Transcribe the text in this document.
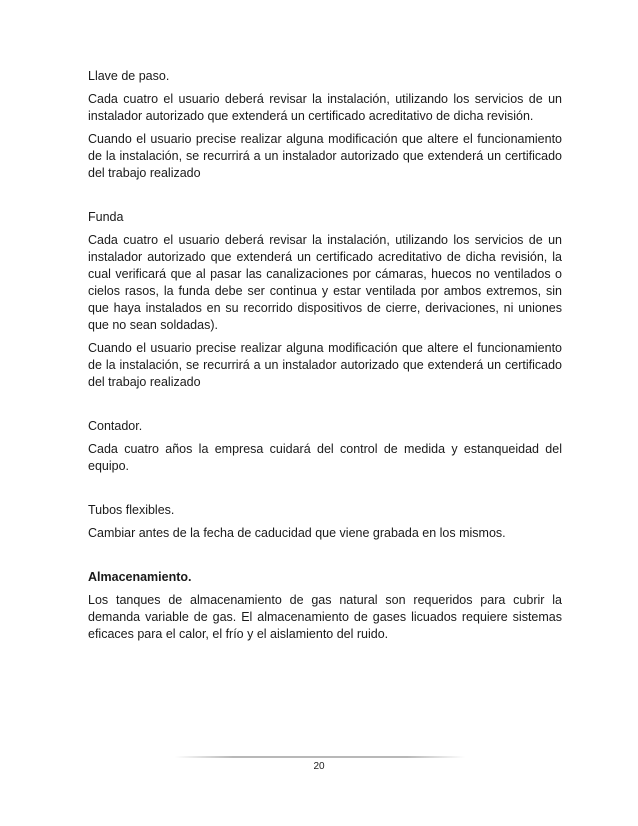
Llave de paso.

Cada cuatro el usuario deberá revisar la instalación, utilizando los servicios de un instalador autorizado que extenderá un certificado acreditativo de dicha revisión.

Cuando el usuario precise realizar alguna modificación que altere el funcionamiento de la instalación, se recurrirá a un instalador autorizado que extenderá un certificado del trabajo realizado

Funda

Cada cuatro el usuario deberá revisar la instalación, utilizando los servicios de un instalador autorizado que extenderá un certificado acreditativo de dicha revisión, la cual verificará que al pasar las canalizaciones por cámaras, huecos no ventilados o cielos rasos, la funda debe ser continua y estar ventilada por ambos extremos, sin que haya instalados en su recorrido dispositivos de cierre, derivaciones, ni uniones que no sean soldadas).

Cuando el usuario precise realizar alguna modificación que altere el funcionamiento de la instalación, se recurrirá a un instalador autorizado que extenderá un certificado del trabajo realizado

Contador.

Cada cuatro años la empresa cuidará del control de medida y estanqueidad del equipo.

Tubos flexibles.

Cambiar antes de la fecha de caducidad que viene grabada en los mismos.

Almacenamiento.

Los tanques de almacenamiento de gas natural son requeridos para cubrir la demanda variable de gas. El almacenamiento de gases licuados requiere sistemas eficaces para el calor, el frío y el aislamiento del ruido.

20
